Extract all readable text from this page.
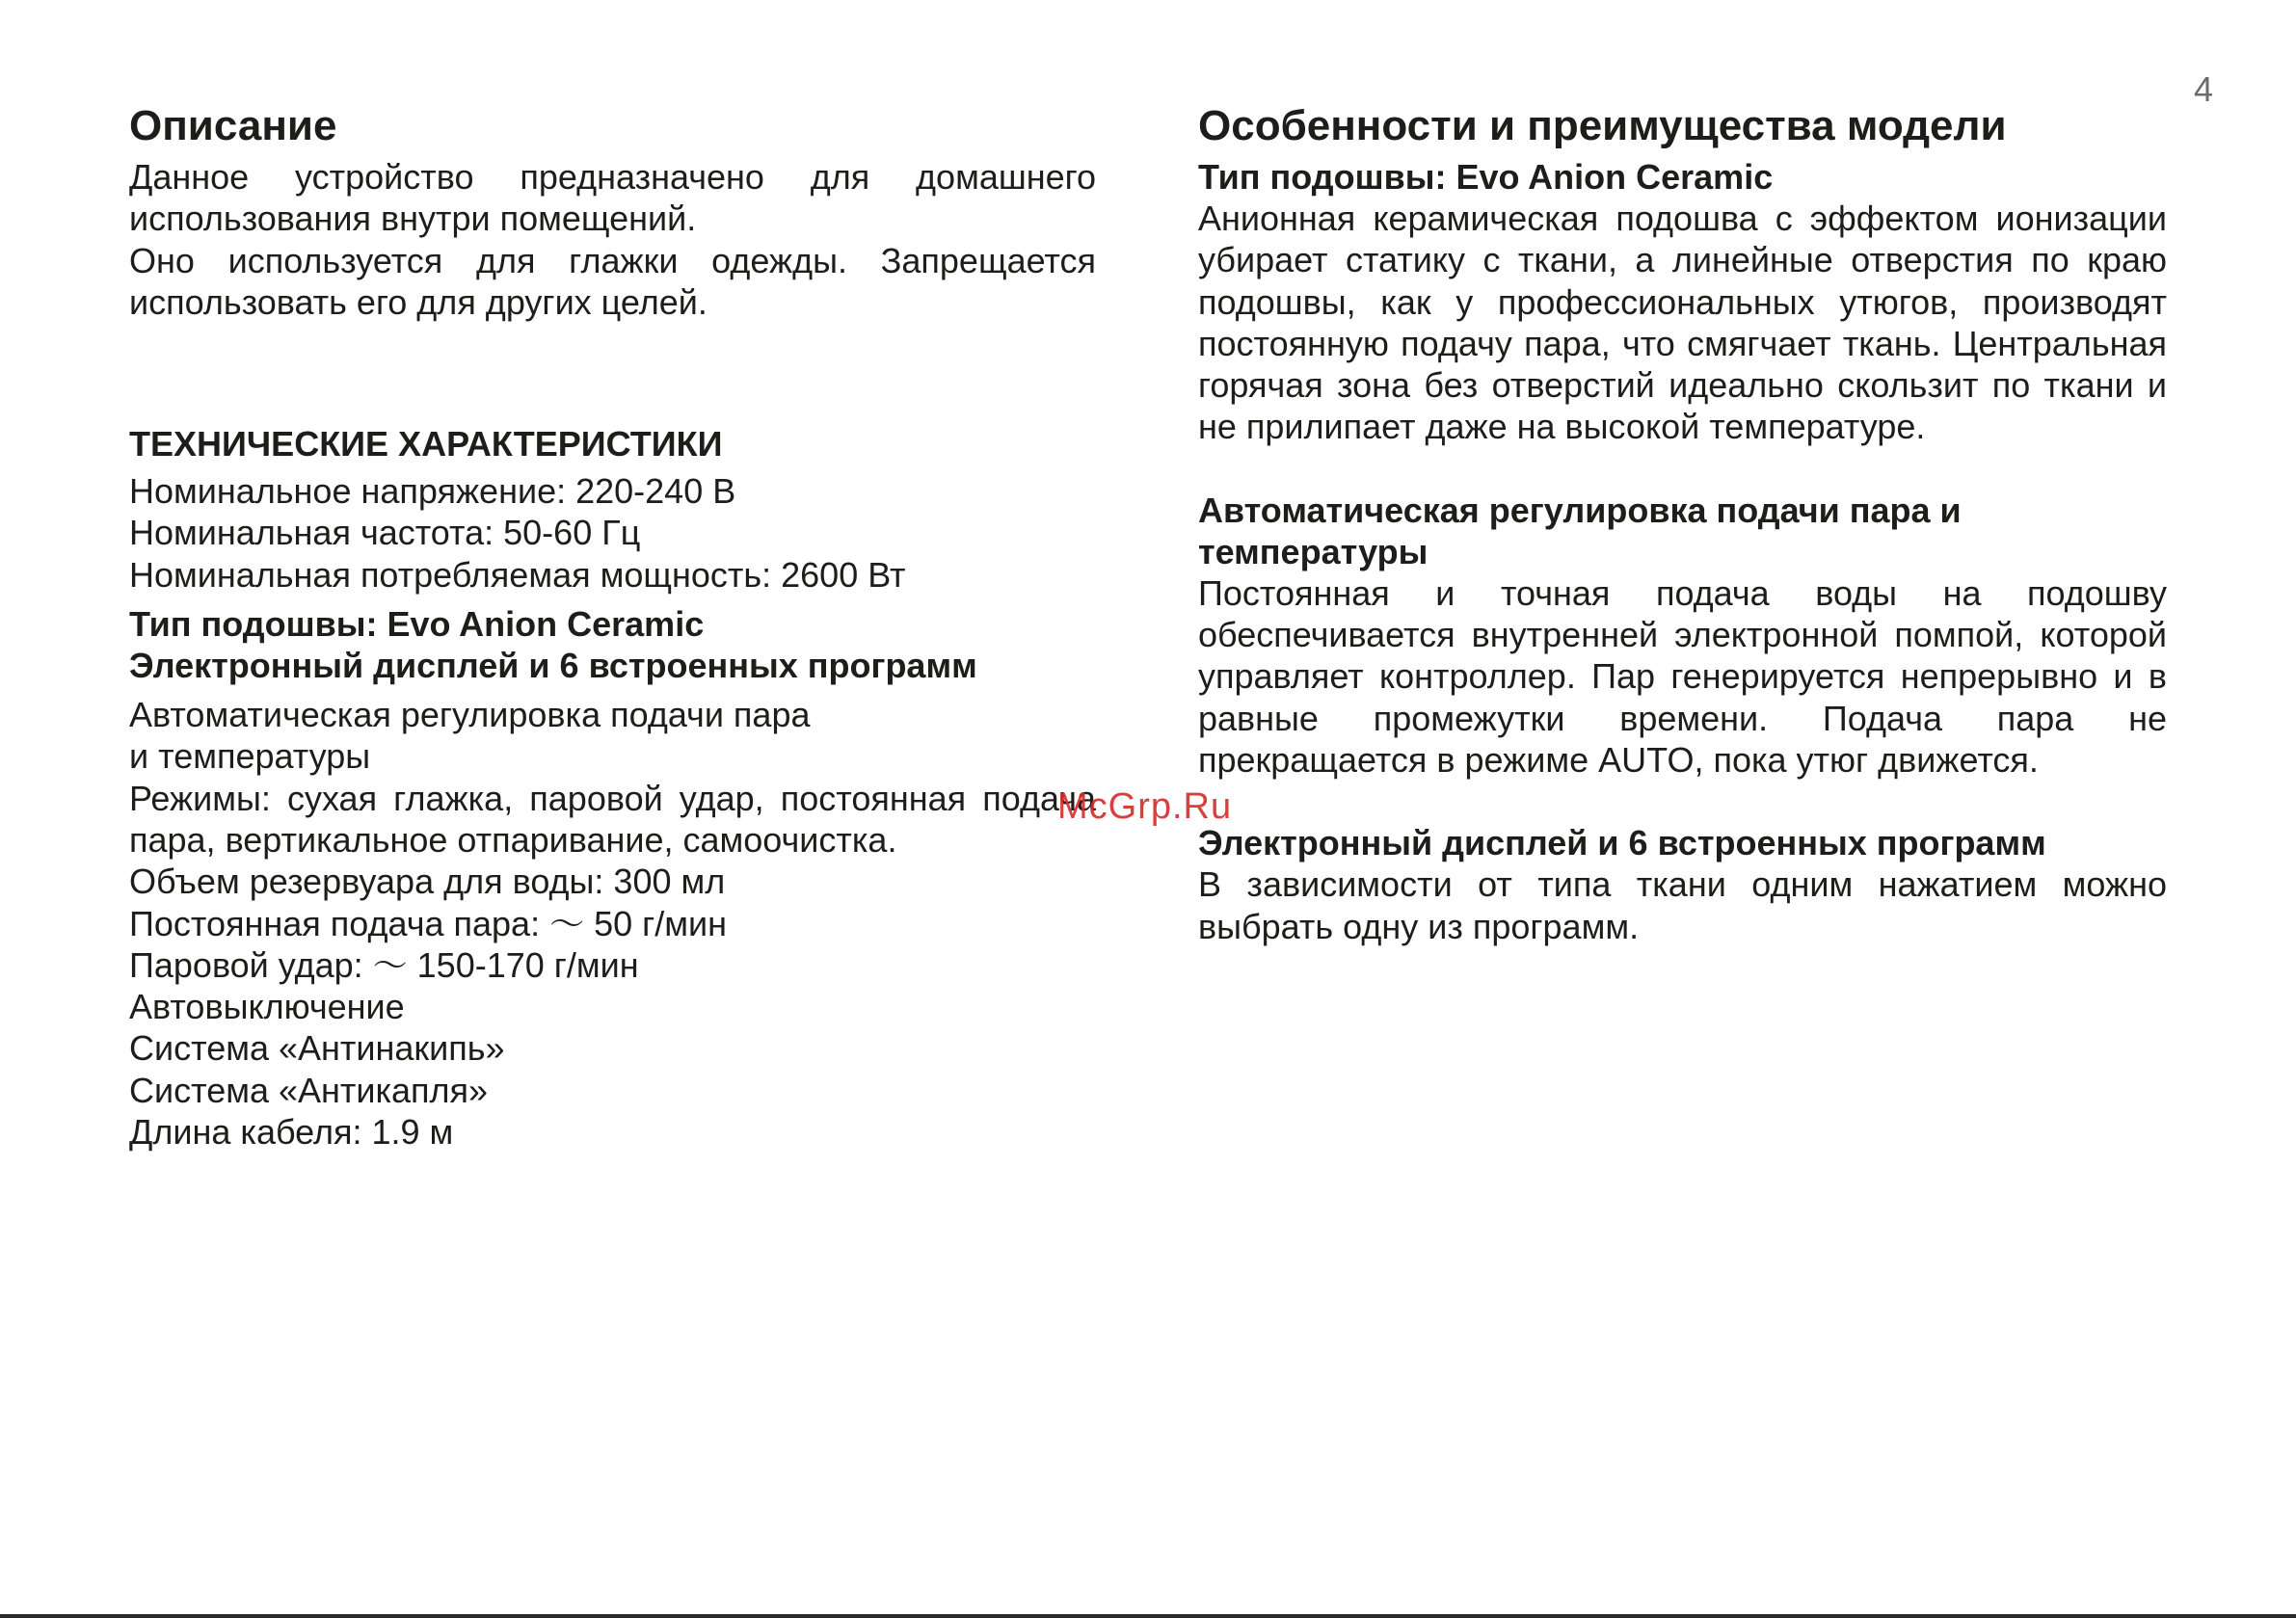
4
Описание

Данное устройство предназначено для домашнего использования внутри помещений.

Оно используется для глажки одежды. Запрещается использовать его для других целей.

ТЕХНИЧЕСКИЕ ХАРАКТЕРИСТИКИ

Номинальное напряжение: 220-240 В

Номинальная частота: 50-60 Гц

Номинальная потребляемая мощность: 2600 Вт

Тип подошвы: Evo Anion Ceramic
Электронный дисплей и 6 встроенных программ

Автоматическая регулировка подачи пара

и температуры

Режимы: сухая глажка, паровой удар, постоянная подача пара, вертикальное отпаривание, самоочистка.

Объем резервуара для воды: 300 мл

Постоянная подача пара: 〜 50 г/мин

Паровой удар: 〜 150-170 г/мин

Автовыключение

Система «Антинакипь»

Система «Антикапля»

Длина кабеля: 1.9 м

Особенности и преимущества модели
Тип подошвы: Evo Anion Ceramic

Анионная керамическая подошва с эффектом ионизации убирает статику с ткани, а линейные отверстия по краю подошвы, как у профессиональных утюгов, производят постоянную подачу пара, что смягчает ткань. Центральная горячая зона без отверстий идеально скользит по ткани и не прилипает даже на высокой температуре.

Автоматическая регулировка подачи пара и температуры

Постоянная и точная подача воды на подошву обеспечивается внутренней электронной помпой, которой управляет контроллер. Пар генерируется непрерывно и в равные промежутки времени. Подача пара не прекращается в режиме AUTO, пока утюг движется.

Электронный дисплей и 6 встроенных программ

В зависимости от типа ткани одним нажатием можно выбрать одну из программ.

McGrp.Ru
